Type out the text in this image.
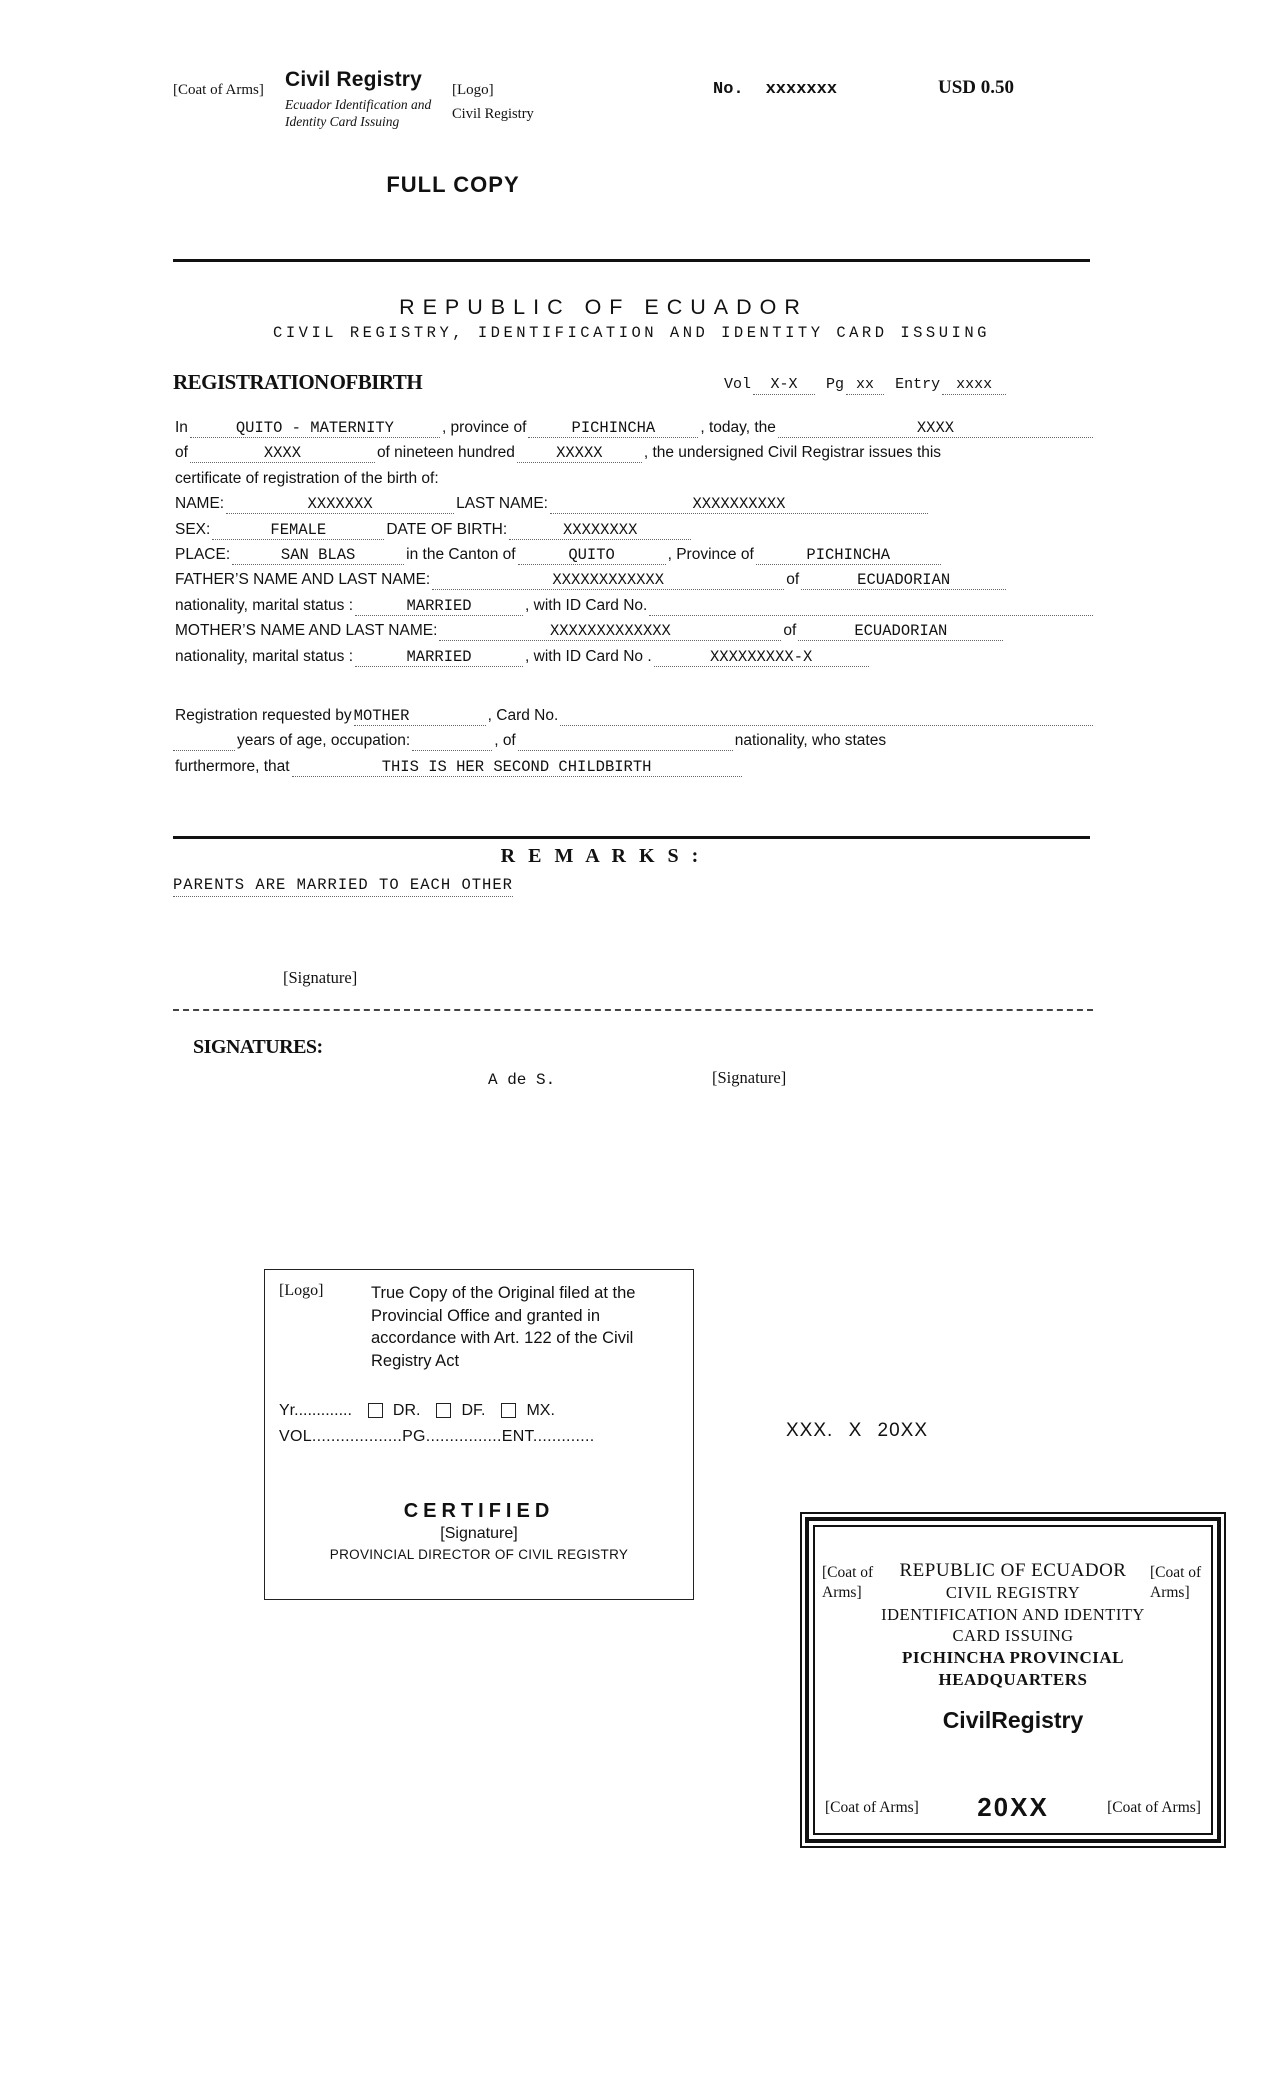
[Coat of Arms] Civil Registry
Ecuador Identification and
Identity Card Issuing
[Logo]
Civil Registry
No. xxxxxxx	USD 0.50
FULL COPY
REPUBLIC OF ECUADOR
CIVIL REGISTRY, IDENTIFICATION AND IDENTITY CARD ISSUING
REGISTRATION OF BIRTH	Vol X-X Pg xx Entry xxxx
In	QUITO - MATERNITY	, province of	PICHINCHA	, today, the	XXXX
of	XXXX	of nineteen hundred	XXXXX	, the undersigned Civil Registrar issues this
certificate of registration of the birth of:
NAME:	XXXXXXX	LAST NAME:	XXXXXXXXXX
SEX:	FEMALE	DATE OF BIRTH:	XXXXXXXX
PLACE:	SAN BLAS	in the Canton of	QUITO	, Province of	PICHINCHA
FATHER’S NAME AND LAST NAME:	XXXXXXXXXXXX	of	ECUADORIAN
nationality, marital status :	MARRIED	, with ID Card No.

MOTHER’S NAME AND LAST NAME:	XXXXXXXXXXXXX	of	ECUADORIAN
nationality, marital status :	MARRIED	, with ID Card No .	XXXXXXXXX-X
Registration requested by MOTHER	, Card No.

years of age, occupation:
	, of
	nationality, who states
furthermore, that	THIS IS HER SECOND CHILDBIRTH
R E M A R K S :
PARENTS ARE MARRIED TO EACH OTHER
[Signature]
SIGNATURES:
A de S.	[Signature]
[Logo]	True Copy of the Original filed at the Provincial Office and granted in accordance with Art. 122 of the Civil Registry Act
Yr.............	DR.	DF.	MX.
VOL...................PG................ENT.............
CERTIFIED
[Signature]
PROVINCIAL DIRECTOR OF CIVIL REGISTRY
XXX. X 20XX
[Coat of Arms]
[Coat of Arms]
REPUBLIC OF ECUADOR
CIVIL REGISTRY
IDENTIFICATION AND IDENTITY
CARD ISSUING
PICHINCHA PROVINCIAL
HEADQUARTERS
CivilRegistry
[Coat of Arms] 20XX	[Coat of Arms]
